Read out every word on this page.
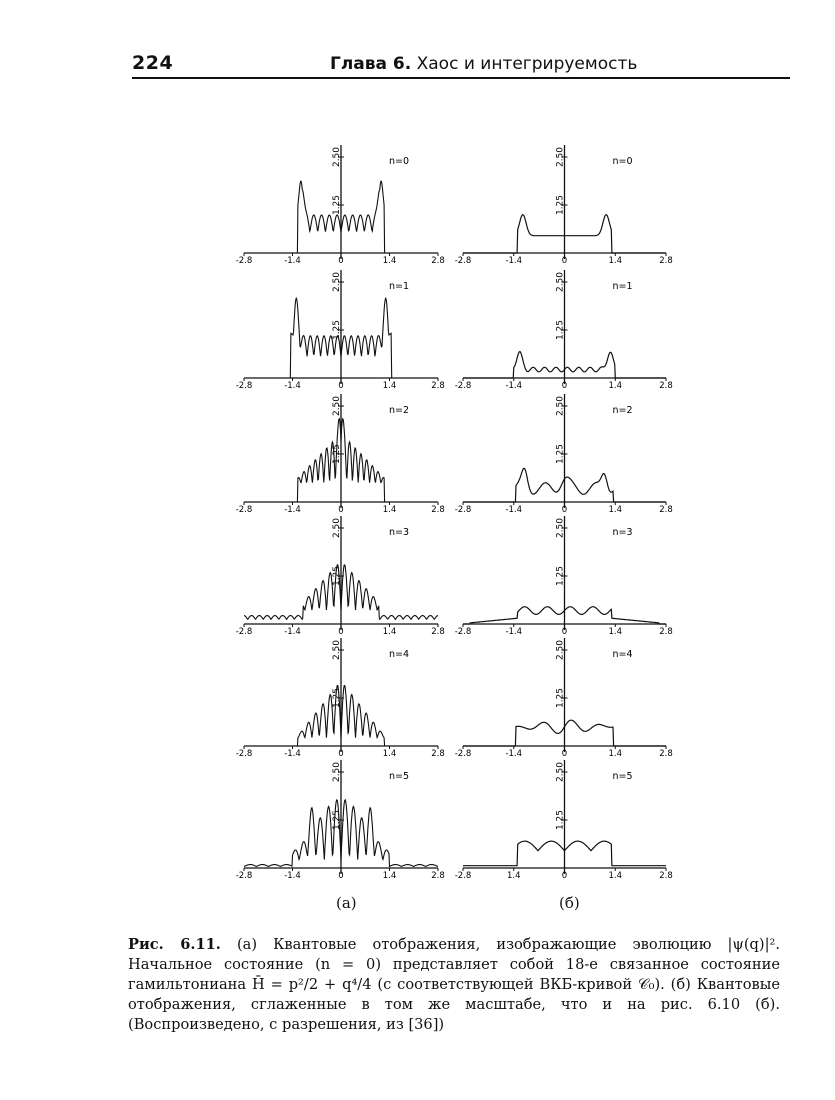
224	Глава 6. Хаос и интегрируемость
2.50
1.25
-2.8	-1.4	0	1.4	2.8
n=0
2.50
1.25
-2.8	-1.4	0	1.4	2.8
n=1
2.50
1.25
-2.8	-1.4	0	1.4	2.8
n=2
2.50
1.25
-2.8	-1.4	0	1.4	2.8
n=3
2.50
1.25
-2.8	-1.4	0	1.4	2.8
n=4
2.50
1.25
-2.8	-1.4	0	1.4	2.8
n=5
2.50
1.25
-2.8	-1.4	0	1.4	2.8
n=0
2.50
1.25
-2.8	-1.4	0	1.4	2.8
n=1
2.50
1.25
-2.8	-1.4	0	1.4	2.8
n=2
2.50
1.25
-2.8	-1.4	0	1.4	2.8
n=3
2.50
1.25
-2.8	-1.4	0	1.4	2.8
n=4
2.50
1.25
-2.8	1.4	0	1.4	2.8
n=5
(а)	(б)
Рис. 6.11. (а) Квантовые отображения, изображающие эволюцию |ψ(q)|². Начальное состояние (n = 0) представляет собой 18-е связанное состояние гамильтониана H̄ = p²/2 + q⁴/4 (с соответствующей ВКБ-кривой 𝒞₀). (б) Квантовые отображения, сглаженные в том же масштабе, что и на рис. 6.10 (б). (Воспроизведено, с разрешения, из [36])
